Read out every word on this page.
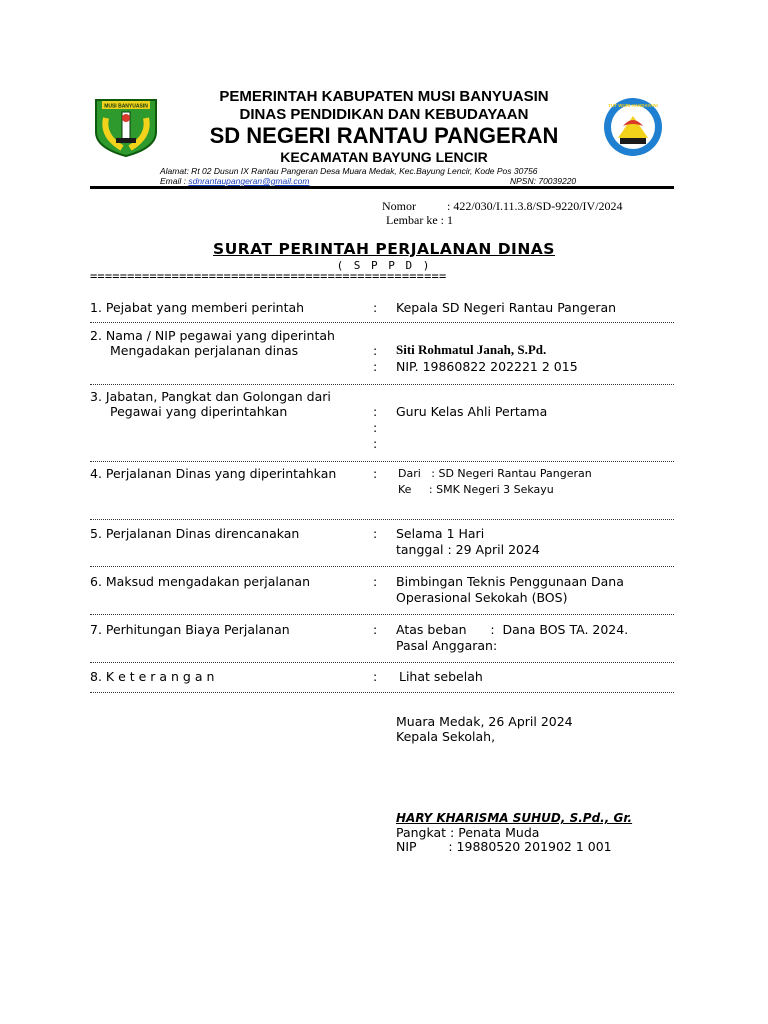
MUSI BANYUASIN	TUT WURI HANDAYANI
PEMERINTAH KABUPATEN MUSI BANYUASIN
DINAS PENDIDIKAN DAN KEBUDAYAAN
SD NEGERI RANTAU PANGERAN
KECAMATAN BAYUNG LENCIR
Alamat: Rt 02 Dusun IX Rantau Pangeran Desa Muara Medak, Kec.Bayung Lencir, Kode Pos 30756
Email : sdnrantaupangeran@gmail.com	NPSN: 70039220
Nomor	: 422/030/I.11.3.8/SD-9220/IV/2024
Lembar ke : 1
SURAT PERINTAH PERJALANAN DINAS
( S P P D )
================================================
1. Pejabat yang memberi perintah	: Kepala SD Negeri Rantau Pangeran
2. Nama / NIP pegawai yang diperintah
Mengadakan perjalanan dinas	: Siti Rohmatul Janah, S.Pd.
: NIP. 19860822 202221 2 015
3. Jabatan, Pangkat dan Golongan dari
Pegawai yang diperintahkan	: Guru Kelas Ahli Pertama
:
:
4. Perjalanan Dinas yang diperintahkan	: Dari   : SD Negeri Rantau Pangeran
Ke     : SMK Negeri 3 Sekayu
5. Perjalanan Dinas direncanakan	: Selama 1 Hari
tanggal : 29 April 2024
6. Maksud mengadakan perjalanan	: Bimbingan Teknis Penggunaan Dana
Operasional Sekokah (BOS)
7. Perhitungan Biaya Perjalanan	: Atas beban      :  Dana BOS TA. 2024.
Pasal Anggaran:
8. K e t e r a n g a n	: Lihat sebelah
Muara Medak, 26 April 2024
Kepala Sekolah,
HARY KHARISMA SUHUD, S.Pd., Gr.
Pangkat : Penata Muda
NIP        : 19880520 201902 1 001
